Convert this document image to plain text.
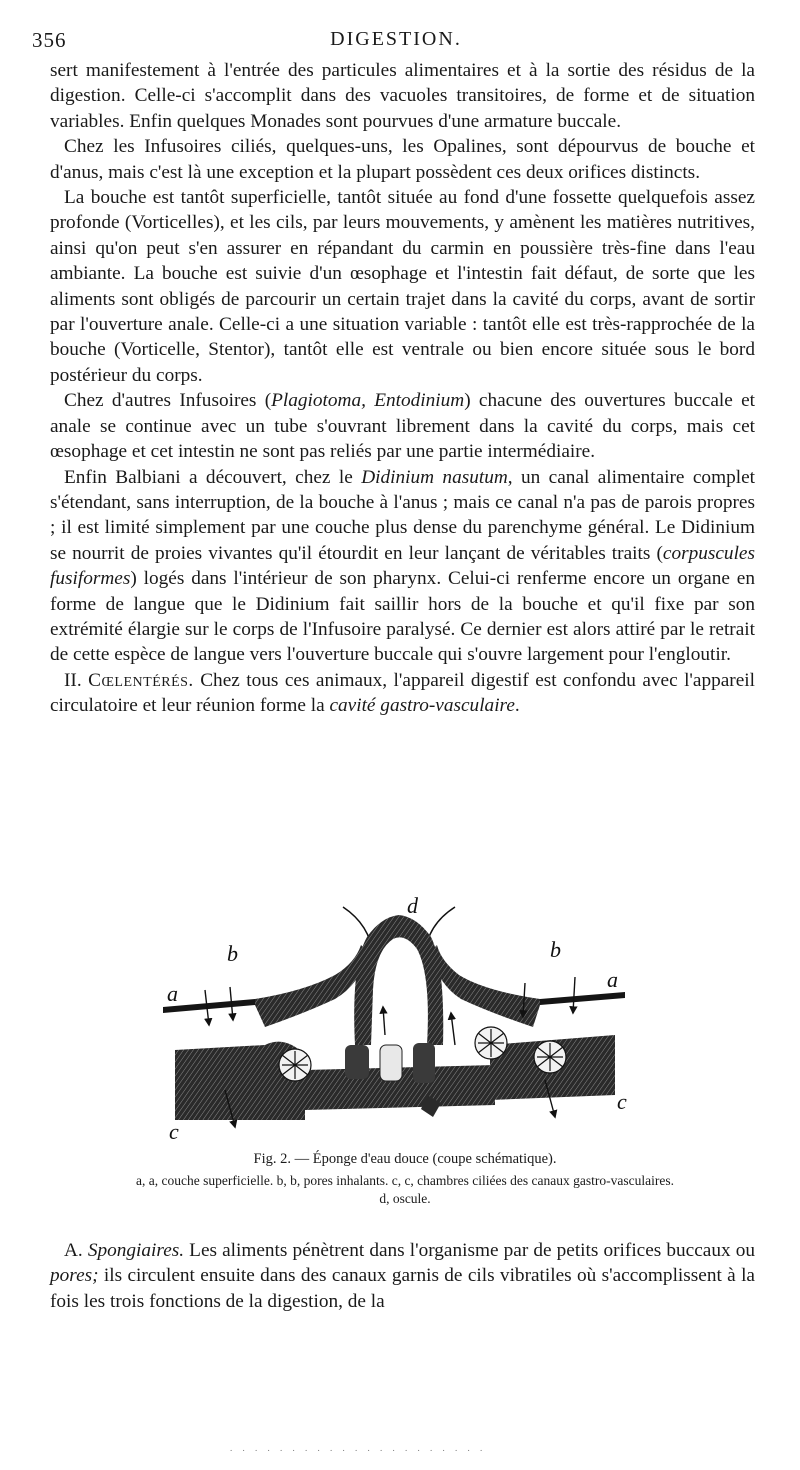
356	DIGESTION.

sert manifestement à l'entrée des particules alimentaires et à la sortie des résidus de la digestion. Celle-ci s'accomplit dans des vacuoles transitoires, de forme et de situation variables. Enfin quelques Monades sont pourvues d'une armature buccale.

Chez les Infusoires ciliés, quelques-uns, les Opalines, sont dépourvus de bouche et d'anus, mais c'est là une exception et la plupart possèdent ces deux orifices distincts.

La bouche est tantôt superficielle, tantôt située au fond d'une fossette quelquefois assez profonde (Vorticelles), et les cils, par leurs mouvements, y amènent les matières nutritives, ainsi qu'on peut s'en assurer en répandant du carmin en poussière très-fine dans l'eau ambiante. La bouche est suivie d'un œsophage et l'intestin fait défaut, de sorte que les aliments sont obligés de parcourir un certain trajet dans la cavité du corps, avant de sortir par l'ouverture anale. Celle-ci a une situation variable : tantôt elle est très-rapprochée de la bouche (Vorticelle, Stentor), tantôt elle est ventrale ou bien encore située sous le bord postérieur du corps.

Chez d'autres Infusoires (Plagiotoma, Entodinium) chacune des ouvertures buccale et anale se continue avec un tube s'ouvrant librement dans la cavité du corps, mais cet œsophage et cet intestin ne sont pas reliés par une partie intermédiaire.

Enfin Balbiani a découvert, chez le Didinium nasutum, un canal alimentaire complet s'étendant, sans interruption, de la bouche à l'anus ; mais ce canal n'a pas de parois propres ; il est limité simplement par une couche plus dense du parenchyme général. Le Didinium se nourrit de proies vivantes qu'il étourdit en leur lançant de véritables traits (corpuscules fusiformes) logés dans l'intérieur de son pharynx. Celui-ci renferme encore un organe en forme de langue que le Didinium fait saillir hors de la bouche et qu'il fixe par son extrémité élargie sur le corps de l'Infusoire paralysé. Ce dernier est alors attiré par le retrait de cette espèce de langue vers l'ouverture buccale qui s'ouvre largement pour l'engloutir.

II. Cœlentérés. Chez tous ces animaux, l'appareil digestif est confondu avec l'appareil circulatoire et leur réunion forme la cavité gastro-vasculaire.

d
b	b
a
a
c
c
Fig. 2. — Éponge d'eau douce (coupe schématique).
a, a, couche superficielle. b, b, pores inhalants. c, c, chambres ciliées des canaux gastro-vasculaires.
d, oscule.

A. Spongiaires. Les aliments pénètrent dans l'organisme par de petits orifices buccaux ou pores; ils circulent ensuite dans des canaux garnis de cils vibratiles où s'accomplissent à la fois les trois fonctions de la digestion, de la

. . . . . . . . . . . . . . . . . . . . .
